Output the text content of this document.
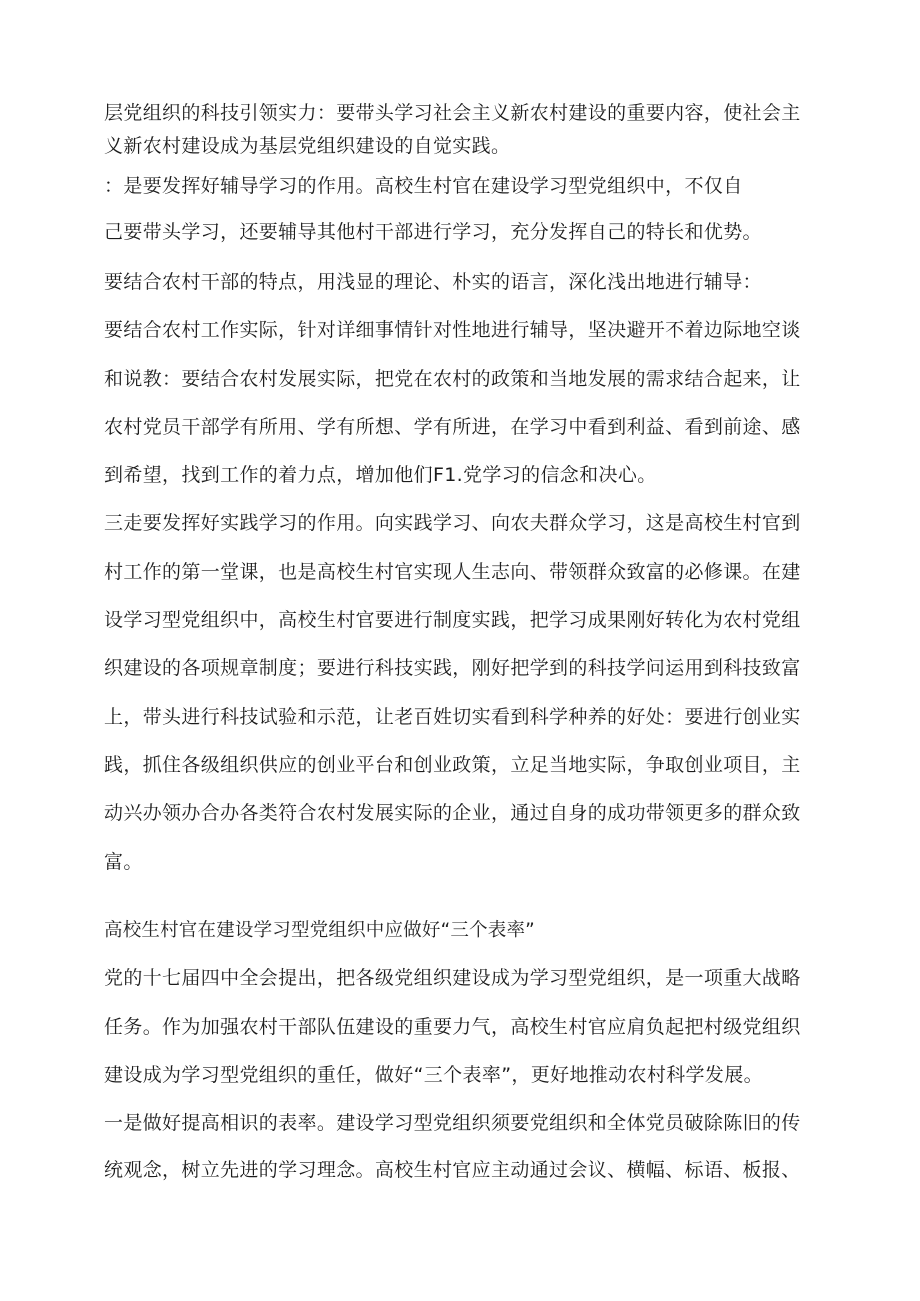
层党组织的科技引领实力：要带头学习社会主义新农村建设的重要内容，使社会主
义新农村建设成为基层党组织建设的自觉实践。
：是要发挥好辅导学习的作用。高校生村官在建设学习型党组织中，不仅自
己要带头学习，还要辅导其他村干部进行学习，充分发挥自己的特长和优势。
要结合农村干部的特点，用浅显的理论、朴实的语言，深化浅出地进行辅导：
要结合农村工作实际，针对详细事情针对性地进行辅导，坚决避开不着边际地空谈
和说教：要结合农村发展实际，把党在农村的政策和当地发展的需求结合起来，让
农村党员干部学有所用、学有所想、学有所进，在学习中看到利益、看到前途、感
到希望，找到工作的着力点，增加他们F1.党学习的信念和决心。
三走要发挥好实践学习的作用。向实践学习、向农夫群众学习，这是高校生村官到
村工作的第一堂课，也是高校生村官实现人生志向、带领群众致富的必修课。在建
设学习型党组织中，高校生村官要进行制度实践，把学习成果刚好转化为农村党组
织建设的各项规章制度；要进行科技实践，刚好把学到的科技学问运用到科技致富
上，带头进行科技试验和示范，让老百姓切实看到科学种养的好处：要进行创业实
践，抓住各级组织供应的创业平台和创业政策，立足当地实际，争取创业项目，主
动兴办领办合办各类符合农村发展实际的企业，通过自身的成功带领更多的群众致
富。
高校生村官在建设学习型党组织中应做好“三个表率”
党的十七届四中全会提出，把各级党组织建设成为学习型党组织，是一项重大战略
任务。作为加强农村干部队伍建设的重要力气，高校生村官应肩负起把村级党组织
建设成为学习型党组织的重任，做好“三个表率”，更好地推动农村科学发展。
一是做好提高相识的表率。建设学习型党组织须要党组织和全体党员破除陈旧的传
统观念，树立先进的学习理念。高校生村官应主动通过会议、横幅、标语、板报、
